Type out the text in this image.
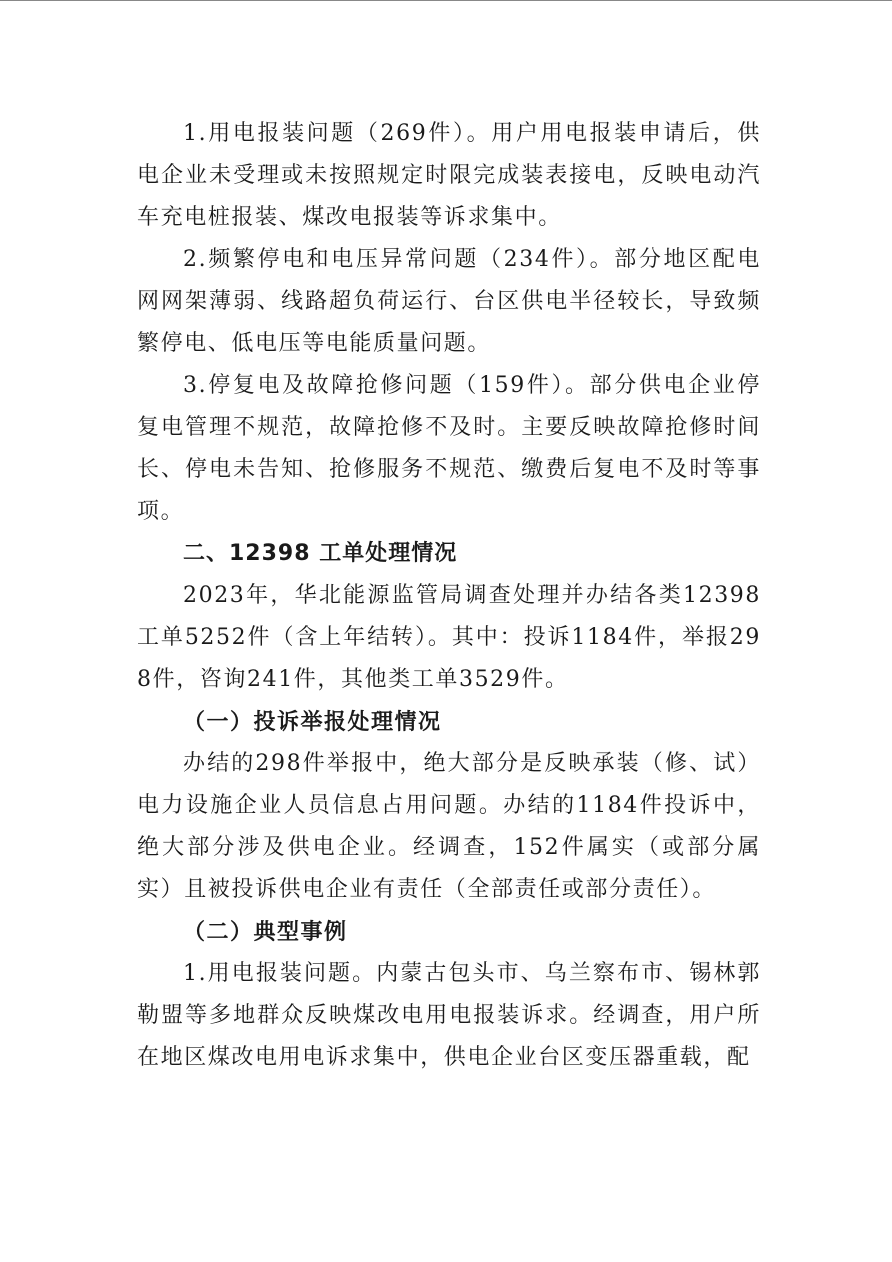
1.用电报装问题（269件）。用户用电报装申请后，供电企业未受理或未按照规定时限完成装表接电，反映电动汽车充电桩报装、煤改电报装等诉求集中。

2.频繁停电和电压异常问题（234件）。部分地区配电网网架薄弱、线路超负荷运行、台区供电半径较长，导致频繁停电、低电压等电能质量问题。

3.停复电及故障抢修问题（159件）。部分供电企业停复电管理不规范，故障抢修不及时。主要反映故障抢修时间长、停电未告知、抢修服务不规范、缴费后复电不及时等事项。

二、12398 工单处理情况

2023年，华北能源监管局调查处理并办结各类12398工单5252件（含上年结转）。其中：投诉1184件，举报298件，咨询241件，其他类工单3529件。

（一）投诉举报处理情况

办结的298件举报中，绝大部分是反映承装（修、试）电力设施企业人员信息占用问题。办结的1184件投诉中，绝大部分涉及供电企业。经调查，152件属实（或部分属实）且被投诉供电企业有责任（全部责任或部分责任）。

（二）典型事例

1.用电报装问题。内蒙古包头市、乌兰察布市、锡林郭勒盟等多地群众反映煤改电用电报装诉求。经调查，用户所在地区煤改电用电诉求集中，供电企业台区变压器重载，配
